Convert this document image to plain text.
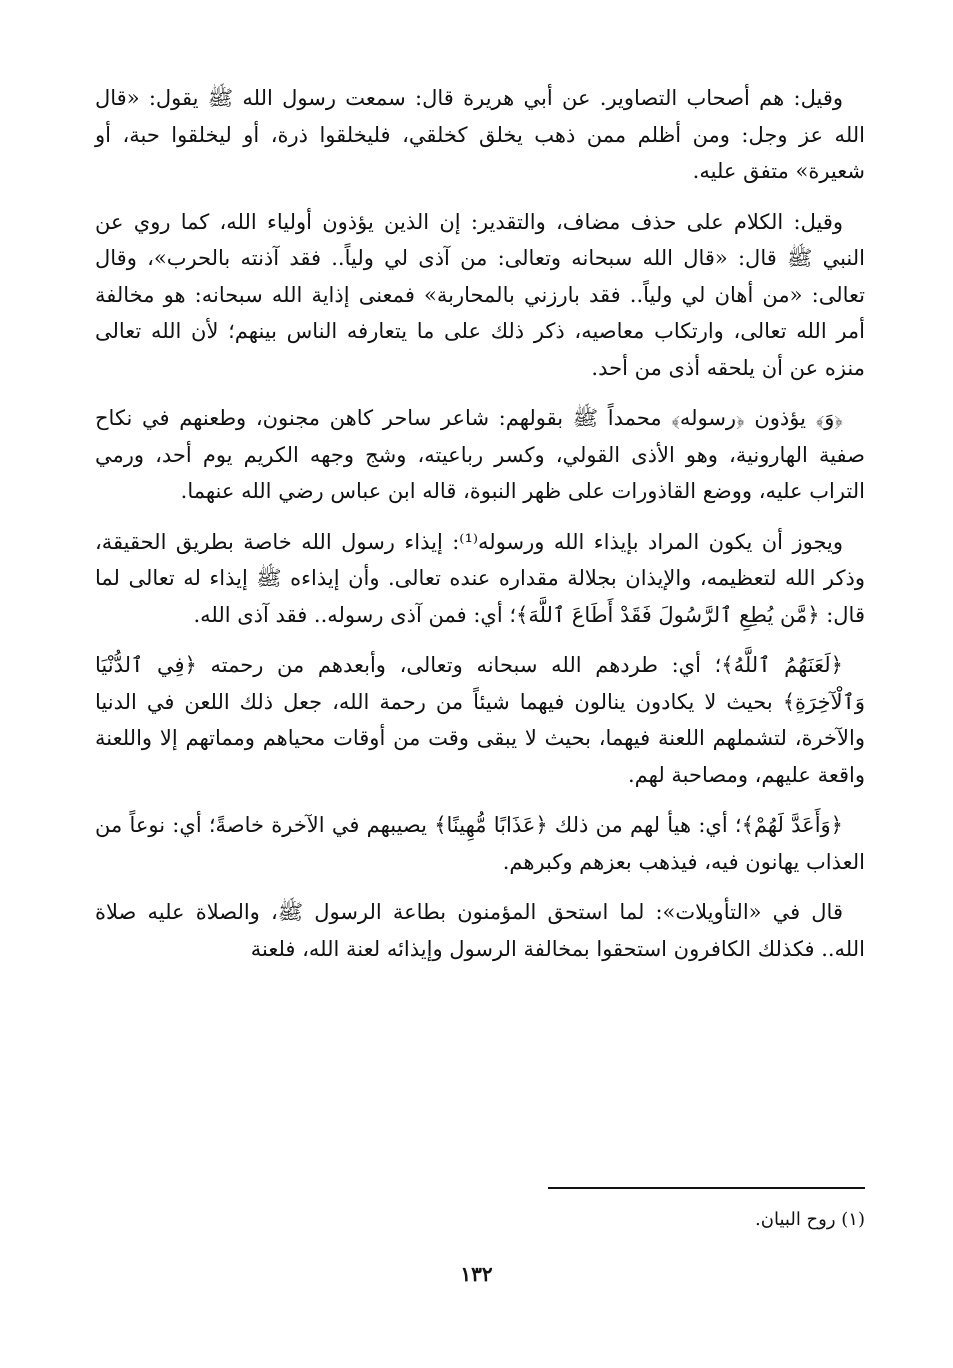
وقيل: هم أصحاب التصاوير. عن أبي هريرة قال: سمعت رسول الله ﷺ يقول: «قال الله عز وجل: ومن أظلم ممن ذهب يخلق كخلقي، فليخلقوا ذرة، أو ليخلقوا حبة، أو شعيرة» متفق عليه.

وقيل: الكلام على حذف مضاف، والتقدير: إن الذين يؤذون أولياء الله، كما روي عن النبي ﷺ قال: «قال الله سبحانه وتعالى: من آذى لي ولياً.. فقد آذنته بالحرب»، وقال تعالى: «من أهان لي ولياً.. فقد بارزني بالمحاربة» فمعنى إذاية الله سبحانه: هو مخالفة أمر الله تعالى، وارتكاب معاصيه، ذكر ذلك على ما يتعارفه الناس بينهم؛ لأن الله تعالى منزه عن أن يلحقه أذى من أحد.

﴿وَ﴾ يؤذون ﴿رسوله﴾ محمداً ﷺ بقولهم: شاعر ساحر كاهن مجنون، وطعنهم في نكاح صفية الهارونية، وهو الأذى القولي، وكسر رباعيته، وشج وجهه الكريم يوم أحد، ورمي التراب عليه، ووضع القاذورات على ظهر النبوة، قاله ابن عباس رضي الله عنهما.

ويجوز أن يكون المراد بإيذاء الله ورسوله⁽¹⁾: إيذاء رسول الله خاصة بطريق الحقيقة، وذكر الله لتعظيمه، والإيذان بجلالة مقداره عنده تعالى. وأن إيذاءه ﷺ إيذاء له تعالى لما قال: ﴿مَّن يُطِعِ ٱلرَّسُولَ فَقَدْ أَطَاعَ ٱللَّهَ﴾؛ أي: فمن آذى رسوله.. فقد آذى الله.

﴿لَعَنَهُمُ ٱللَّهُ﴾؛ أي: طردهم الله سبحانه وتعالى، وأبعدهم من رحمته ﴿فِي ٱلدُّنْيَا وَٱلْآخِرَةِ﴾ بحيث لا يكادون ينالون فيهما شيئاً من رحمة الله، جعل ذلك اللعن في الدنيا والآخرة، لتشملهم اللعنة فيهما، بحيث لا يبقى وقت من أوقات محياهم ومماتهم إلا واللعنة واقعة عليهم، ومصاحبة لهم.

﴿وَأَعَدَّ لَهُمْ﴾؛ أي: هيأ لهم من ذلك ﴿عَذَابًا مُّهِينًا﴾ يصيبهم في الآخرة خاصةً؛ أي: نوعاً من العذاب يهانون فيه، فيذهب بعزهم وكبرهم.

قال في «التأويلات»: لما استحق المؤمنون بطاعة الرسول ﷺ، والصلاة عليه صلاة الله.. فكذلك الكافرون استحقوا بمخالفة الرسول وإيذائه لعنة الله، فلعنة

(١) روح البيان.
١٣٢
